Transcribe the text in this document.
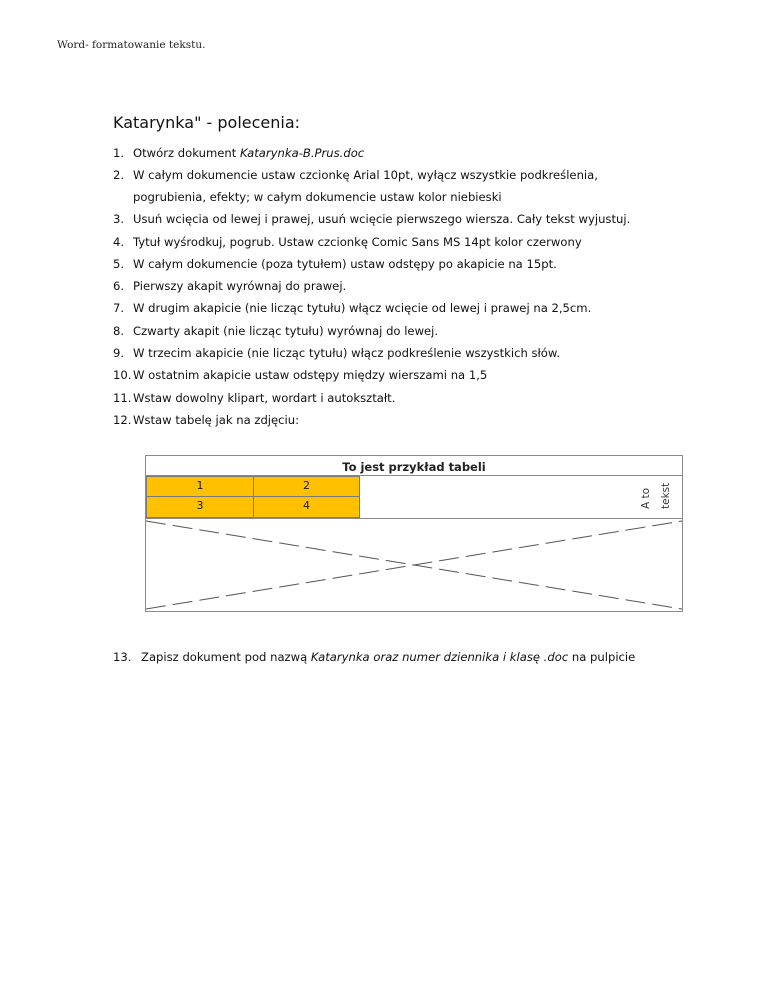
Word- formatowanie tekstu.
Katarynka" - polecenia:
1. Otwórz dokument Katarynka-B.Prus.doc
2. W całym dokumencie ustaw czcionkę Arial 10pt, wyłącz wszystkie podkreślenia,
pogrubienia, efekty; w całym dokumencie ustaw kolor niebieski
3. Usuń wcięcia od lewej i prawej, usuń wcięcie pierwszego wiersza. Cały tekst wyjustuj.
4. Tytuł wyśrodkuj, pogrub. Ustaw czcionkę Comic Sans MS 14pt kolor czerwony
5. W całym dokumencie (poza tytułem) ustaw odstępy po akapicie na 15pt.
6. Pierwszy akapit wyrównaj do prawej.
7. W drugim akapicie (nie licząc tytułu) włącz wcięcie od lewej i prawej na 2,5cm.
8. Czwarty akapit (nie licząc tytułu) wyrównaj do lewej.
9. W trzecim akapicie (nie licząc tytułu) włącz podkreślenie wszystkich słów.
10. W ostatnim akapicie ustaw odstępy między wierszami na 1,5
11. Wstaw dowolny klipart, wordart i autokształt.
12. Wstaw tabelę jak na zdjęciu:
To jest przykład tabeli
1	2
3	4	A to tekst
13. Zapisz dokument pod nazwą Katarynka oraz numer dziennika i klasę .doc na pulpicie
